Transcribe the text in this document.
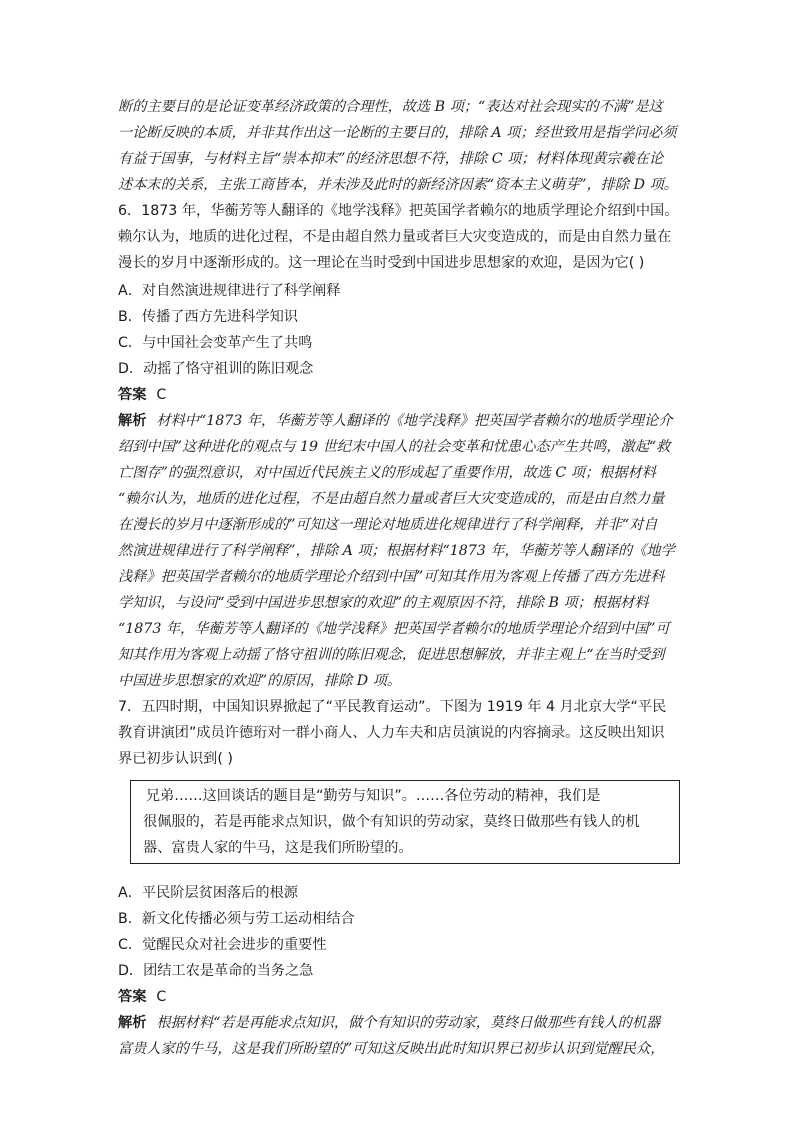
断的主要目的是论证变革经济政策的合理性，故选 B 项；“表达对社会现实的不满”是这
一论断反映的本质，并非其作出这一论断的主要目的，排除 A 项；经世致用是指学问必须
有益于国事，与材料主旨“崇本抑末”的经济思想不符，排除 C 项；材料体现黄宗羲在论
述本末的关系，主张工商皆本，并未涉及此时的新经济因素“资本主义萌芽”，排除 D 项。
6．1873 年，华蘅芳等人翻译的《地学浅释》把英国学者赖尔的地质学理论介绍到中国。
赖尔认为，地质的进化过程，不是由超自然力量或者巨大灾变造成的，而是由自然力量在
漫长的岁月中逐渐形成的。这一理论在当时受到中国进步思想家的欢迎，是因为它( )
A．对自然演进规律进行了科学阐释
B．传播了西方先进科学知识
C．与中国社会变革产生了共鸣
D．动摇了恪守祖训的陈旧观念
答案 C
解析 材料中“1873 年，华蘅芳等人翻译的《地学浅释》把英国学者赖尔的地质学理论介
绍到中国”这种进化的观点与 19 世纪末中国人的社会变革和忧患心态产生共鸣，激起“救
亡图存”的强烈意识，对中国近代民族主义的形成起了重要作用，故选 C 项；根据材料
“赖尔认为，地质的进化过程，不是由超自然力量或者巨大灾变造成的，而是由自然力量
在漫长的岁月中逐渐形成的”可知这一理论对地质进化规律进行了科学阐释，并非“对自
然演进规律进行了科学阐释”，排除 A 项；根据材料“1873 年，华蘅芳等人翻译的《地学
浅释》把英国学者赖尔的地质学理论介绍到中国”可知其作用为客观上传播了西方先进科
学知识，与设问“受到中国进步思想家的欢迎”的主观原因不符，排除 B 项；根据材料
“1873 年，华蘅芳等人翻译的《地学浅释》把英国学者赖尔的地质学理论介绍到中国”可
知其作用为客观上动摇了恪守祖训的陈旧观念，促进思想解放，并非主观上“在当时受到
中国进步思想家的欢迎”的原因，排除 D 项。
7．五四时期，中国知识界掀起了“平民教育运动”。下图为 1919 年 4 月北京大学“平民
教育讲演团”成员许德珩对一群小商人、人力车夫和店员演说的内容摘录。这反映出知识
界已初步认识到( )
兄弟……这回谈话的题目是“勤劳与知识”。……各位劳动的精神，我们是
很佩服的，若是再能求点知识，做个有知识的劳动家，莫终日做那些有钱人的机
器、富贵人家的牛马，这是我们所盼望的。
A．平民阶层贫困落后的根源
B．新文化传播必须与劳工运动相结合
C．觉醒民众对社会进步的重要性
D．团结工农是革命的当务之急
答案 C
解析 根据材料“若是再能求点知识，做个有知识的劳动家，莫终日做那些有钱人的机器
富贵人家的牛马，这是我们所盼望的”可知这反映出此时知识界已初步认识到觉醒民众，
